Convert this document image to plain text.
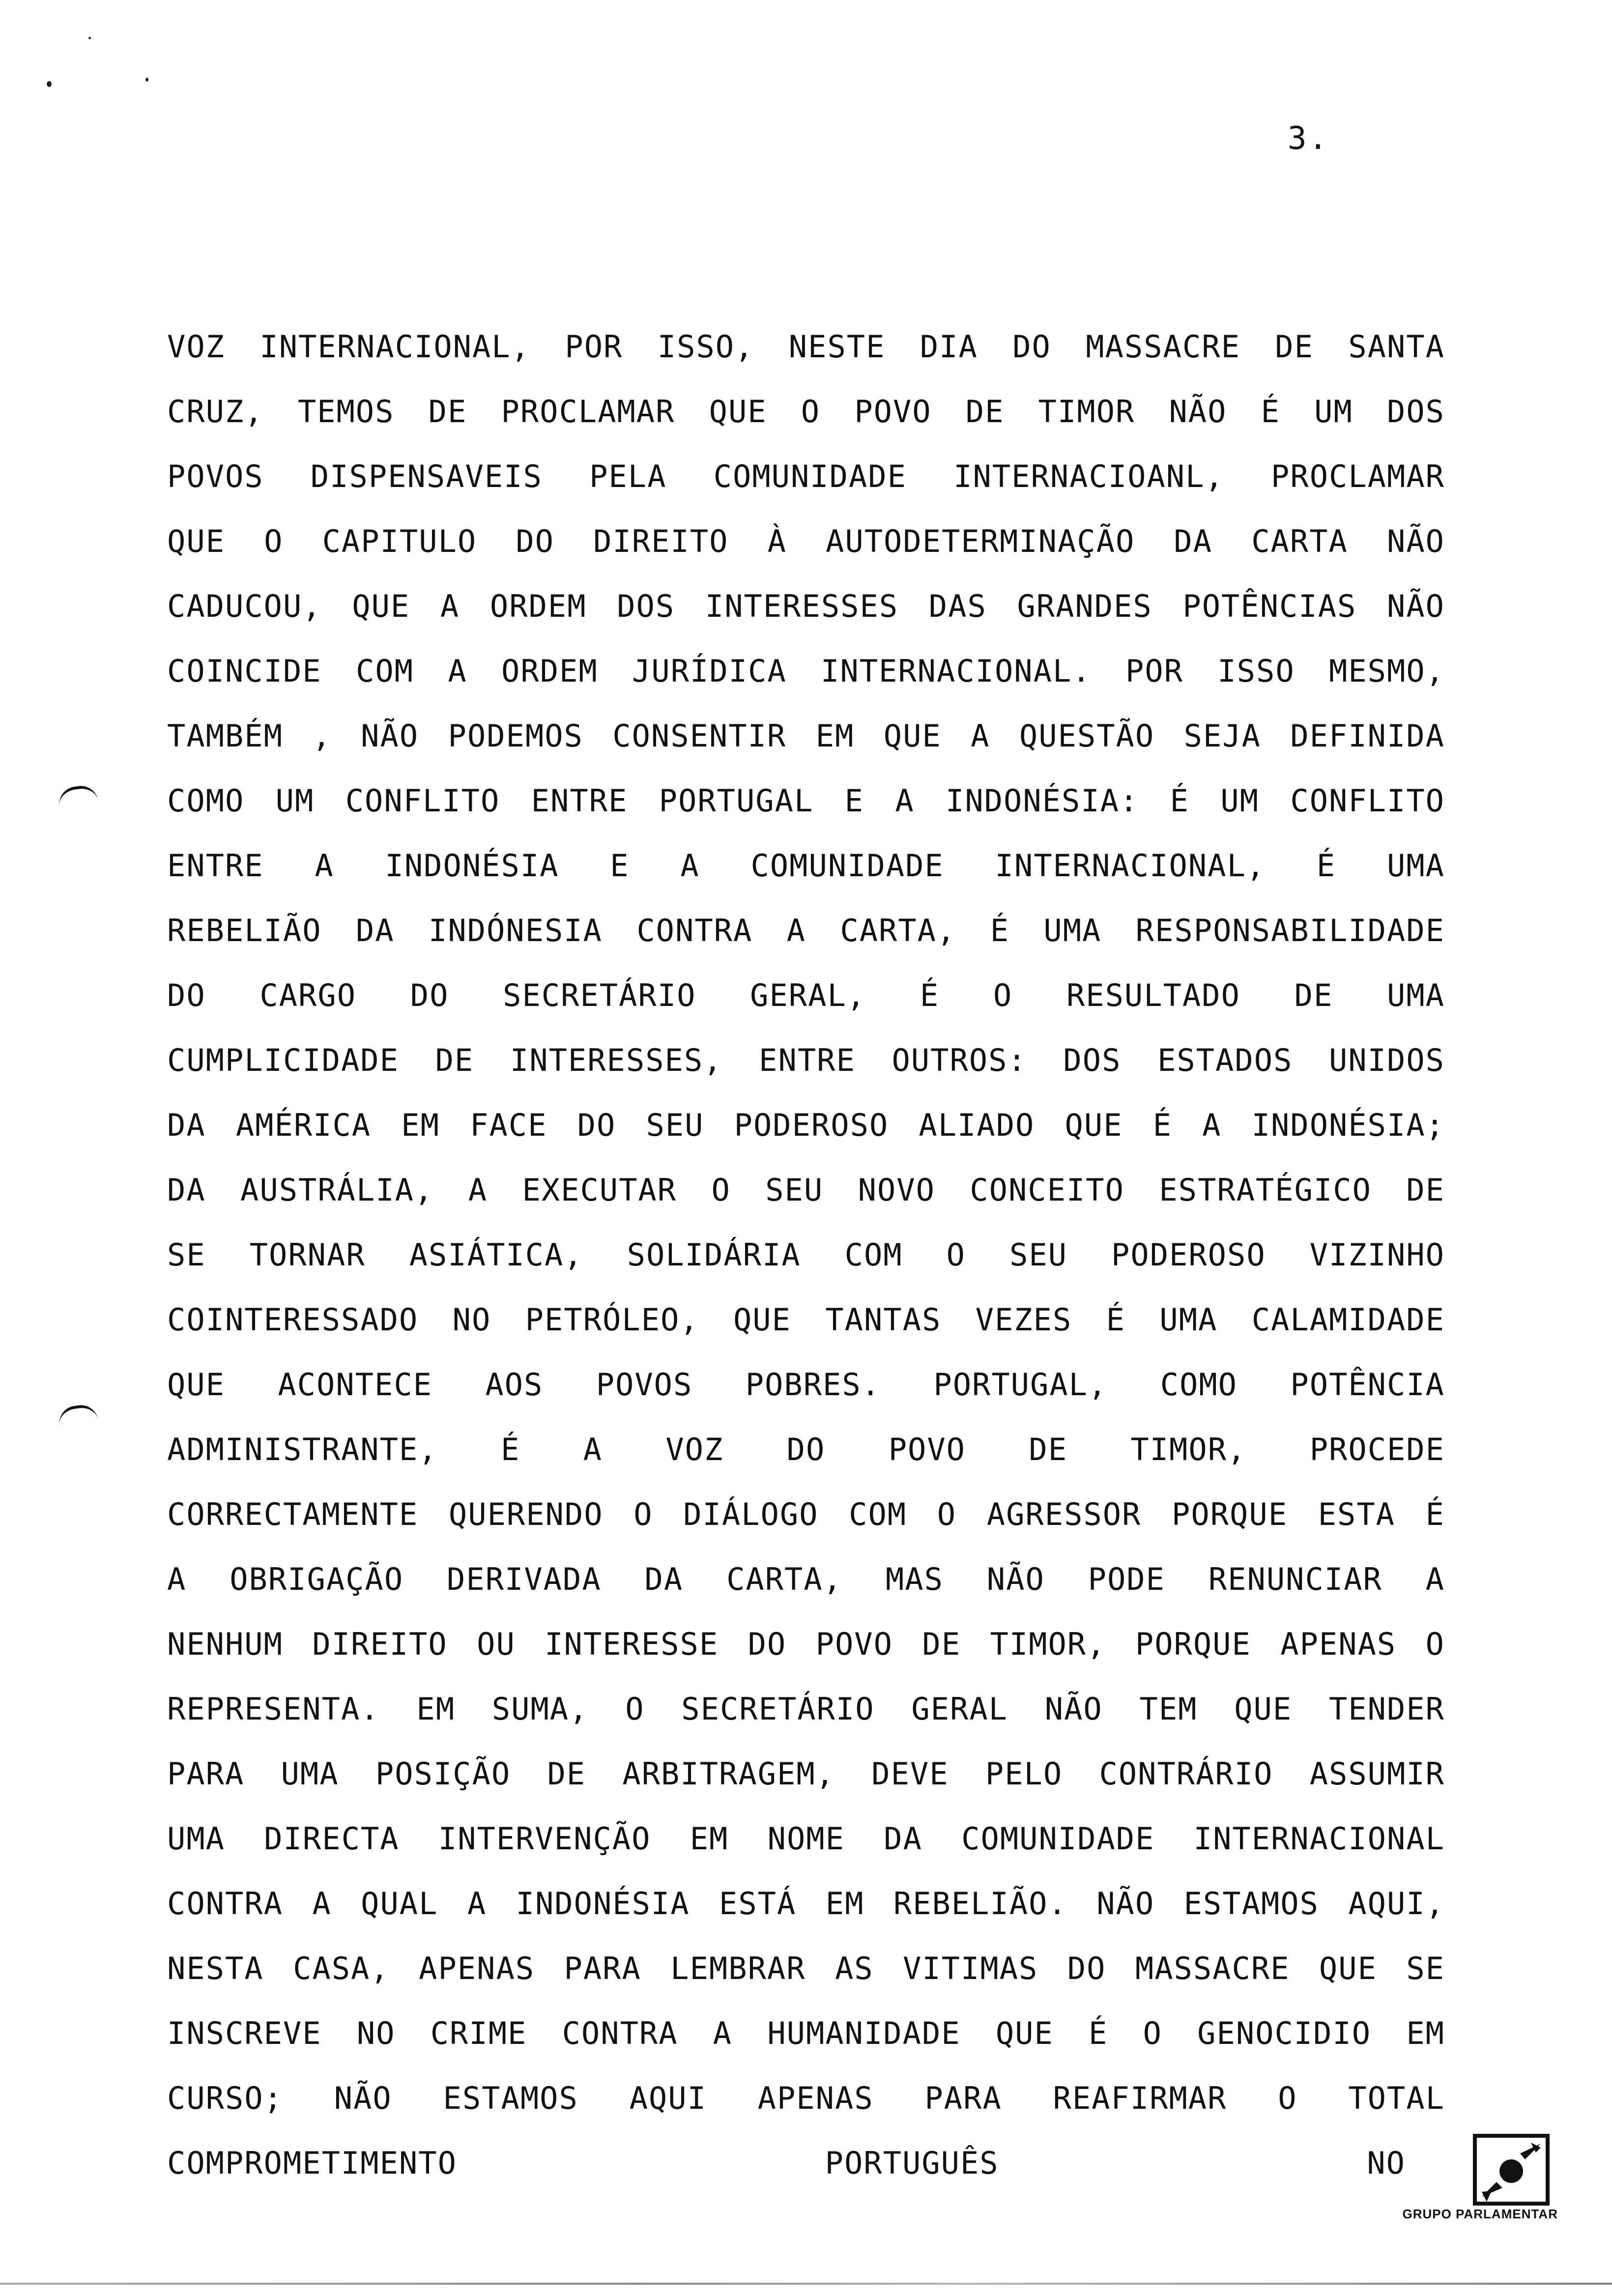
3.
VOZ INTERNACIONAL, POR ISSO, NESTE DIA DO MASSACRE DE SANTA
CRUZ, TEMOS DE PROCLAMAR QUE O POVO DE TIMOR NÃO É UM DOS
POVOS DISPENSAVEIS PELA COMUNIDADE INTERNACIOANL, PROCLAMAR
QUE O CAPITULO DO DIREITO À AUTODETERMINAÇÃO DA CARTA NÃO
CADUCOU, QUE A ORDEM DOS INTERESSES DAS GRANDES POTÊNCIAS NÃO
COINCIDE COM A ORDEM JURÍDICA INTERNACIONAL. POR ISSO MESMO,
TAMBÉM , NÃO PODEMOS CONSENTIR EM QUE A QUESTÃO SEJA DEFINIDA
COMO UM CONFLITO ENTRE PORTUGAL E A INDONÉSIA: É UM CONFLITO
ENTRE A INDONÉSIA E A COMUNIDADE INTERNACIONAL, É UMA
REBELIÃO DA INDÓNESIA CONTRA A CARTA, É UMA RESPONSABILIDADE
DO CARGO DO SECRETÁRIO GERAL, É O RESULTADO DE UMA
CUMPLICIDADE DE INTERESSES, ENTRE OUTROS: DOS ESTADOS UNIDOS
DA AMÉRICA EM FACE DO SEU PODEROSO ALIADO QUE É A INDONÉSIA;
DA AUSTRÁLIA, A EXECUTAR O SEU NOVO CONCEITO ESTRATÉGICO DE
SE TORNAR ASIÁTICA, SOLIDÁRIA COM O SEU PODEROSO VIZINHO
COINTERESSADO NO PETRÓLEO, QUE TANTAS VEZES É UMA CALAMIDADE
QUE ACONTECE AOS POVOS POBRES. PORTUGAL, COMO POTÊNCIA
ADMINISTRANTE, É A VOZ DO POVO DE TIMOR, PROCEDE
CORRECTAMENTE QUERENDO O DIÁLOGO COM O AGRESSOR PORQUE ESTA É
A OBRIGAÇÃO DERIVADA DA CARTA, MAS NÃO PODE RENUNCIAR A
NENHUM DIREITO OU INTERESSE DO POVO DE TIMOR, PORQUE APENAS O
REPRESENTA. EM SUMA, O SECRETÁRIO GERAL NÃO TEM QUE TENDER
PARA UMA POSIÇÃO DE ARBITRAGEM, DEVE PELO CONTRÁRIO ASSUMIR
UMA DIRECTA INTERVENÇÃO EM NOME DA COMUNIDADE INTERNACIONAL
CONTRA A QUAL A INDONÉSIA ESTÁ EM REBELIÃO. NÃO ESTAMOS AQUI,
NESTA CASA, APENAS PARA LEMBRAR AS VITIMAS DO MASSACRE QUE SE
INSCREVE NO CRIME CONTRA A HUMANIDADE QUE É O GENOCIDIO EM
CURSO; NÃO ESTAMOS AQUI APENAS PARA REAFIRMAR O TOTAL
COMPROMETIMENTO PORTUGUÊS NO
GRUPO PARLAMENTAR
